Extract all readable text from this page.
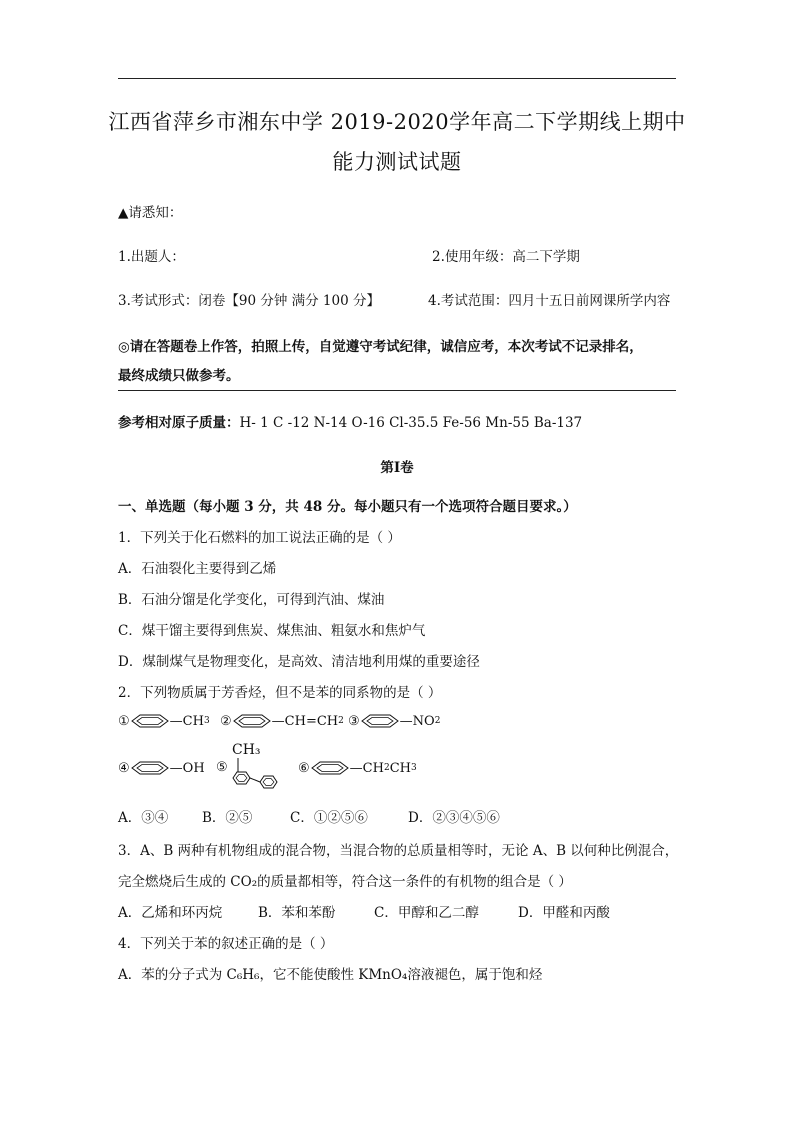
江西省萍乡市湘东中学 2019-2020学年高二下学期线上期中
能力测试试题
▲请悉知：
1.出题人：	2.使用年级：高二下学期
3.考试形式：闭卷【90 分钟 满分 100 分】	4.考试范围：四月十五日前网课所学内容
◎请在答题卷上作答，拍照上传，自觉遵守考试纪律，诚信应考，本次考试不记录排名，
最终成绩只做参考。
参考相对原子质量：H- 1 C -12 N-14 O-16 Cl-35.5 Fe-56 Mn-55 Ba-137
第Ⅰ卷
一、单选题（每小题 3 分，共 48 分。每小题只有一个选项符合题目要求。）
1．下列关于化石燃料的加工说法正确的是（ ）
A．石油裂化主要得到乙烯
B．石油分馏是化学变化，可得到汽油、煤油
C．煤干馏主要得到焦炭、煤焦油、粗氨水和焦炉气
D．煤制煤气是物理变化，是高效、清洁地利用煤的重要途径
2．下列物质属于芳香烃，但不是苯的同系物的是（ ）
①	—CH 3 ②	—CH=CH 2 ③	—NO 2
④	—OH ⑤
CH₃
⑥	—CH 2 CH 3
A．③④	B．②⑤	C．①②⑤⑥	D．②③④⑤⑥
3．A、B 两种有机物组成的混合物，当混合物的总质量相等时，无论 A、B 以何种比例混合，
完全燃烧后生成的 CO₂的质量都相等，符合这一条件的有机物的组合是（ ）
A．乙烯和环丙烷	B．苯和苯酚	C．甲醇和乙二醇	D．甲醛和丙酸
4．下列关于苯的叙述正确的是（ ）
A．苯的分子式为 C₆H₆，它不能使酸性 KMnO₄溶液褪色，属于饱和烃
